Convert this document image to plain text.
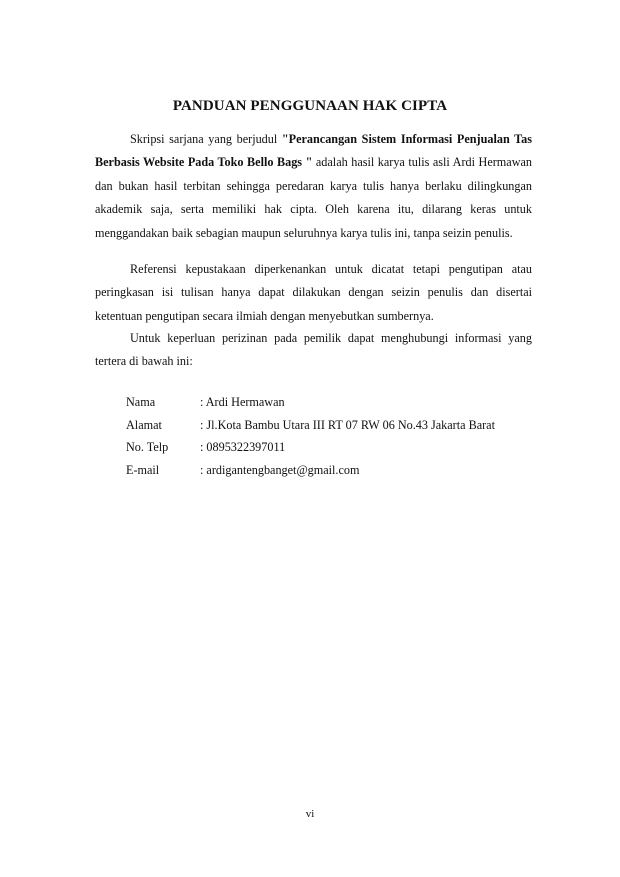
PANDUAN PENGGUNAAN HAK CIPTA

Skripsi sarjana yang berjudul "Perancangan Sistem Informasi Penjualan Tas Berbasis Website Pada Toko Bello Bags " adalah hasil karya tulis asli Ardi Hermawan dan bukan hasil terbitan sehingga peredaran karya tulis hanya berlaku dilingkungan akademik saja, serta memiliki hak cipta. Oleh karena itu, dilarang keras untuk menggandakan baik sebagian maupun seluruhnya karya tulis ini, tanpa seizin penulis.

Referensi kepustakaan diperkenankan untuk dicatat tetapi pengutipan atau peringkasan isi tulisan hanya dapat dilakukan dengan seizin penulis dan disertai ketentuan pengutipan secara ilmiah dengan menyebutkan sumbernya.

Untuk keperluan perizinan pada pemilik dapat menghubungi informasi yang tertera di bawah ini:

Nama	: Ardi Hermawan
Alamat	: Jl.Kota Bambu Utara III RT 07 RW 06 No.43 Jakarta Barat
No. Telp	: 0895322397011
E-mail	: ardigantengbanget@gmail.com
vi
